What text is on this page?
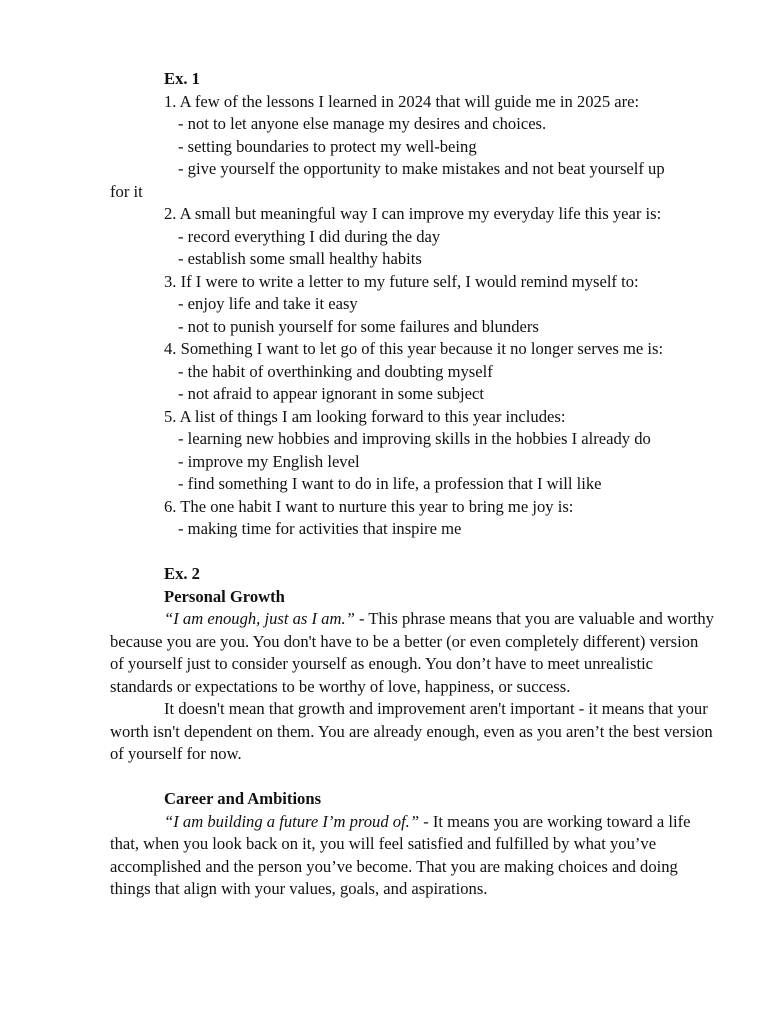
Ex. 1
1. A few of the lessons I learned in 2024 that will guide me in 2025 are:
- not to let anyone else manage my desires and choices.
- setting boundaries to protect my well-being
- give yourself the opportunity to make mistakes and not beat yourself up
for it
2. A small but meaningful way I can improve my everyday life this year is:
- record everything I did during the day
- establish some small healthy habits
3. If I were to write a letter to my future self, I would remind myself to:
- enjoy life and take it easy
- not to punish yourself for some failures and blunders
4. Something I want to let go of this year because it no longer serves me is:
- the habit of overthinking and doubting myself
- not afraid to appear ignorant in some subject
5. A list of things I am looking forward to this year includes:
- learning new hobbies and improving skills in the hobbies I already do
- improve my English level
- find something I want to do in life, a profession that I will like
6. The one habit I want to nurture this year to bring me joy is:
- making time for activities that inspire me
Ex. 2
Personal Growth

“I am enough, just as I am.” - This phrase means that you are valuable and worthy because you are you. You don't have to be a better (or even completely different) version of yourself just to consider yourself as enough. You don’t have to meet unrealistic standards or expectations to be worthy of love, happiness, or success.

It doesn't mean that growth and improvement aren't important - it means that your worth isn't dependent on them. You are already enough, even as you aren’t the best version of yourself for now.

Career and Ambitions

“I am building a future I’m proud of.” - It means you are working toward a life that, when you look back on it, you will feel satisfied and fulfilled by what you’ve accomplished and the person you’ve become. That you are making choices and doing things that align with your values, goals, and aspirations.
